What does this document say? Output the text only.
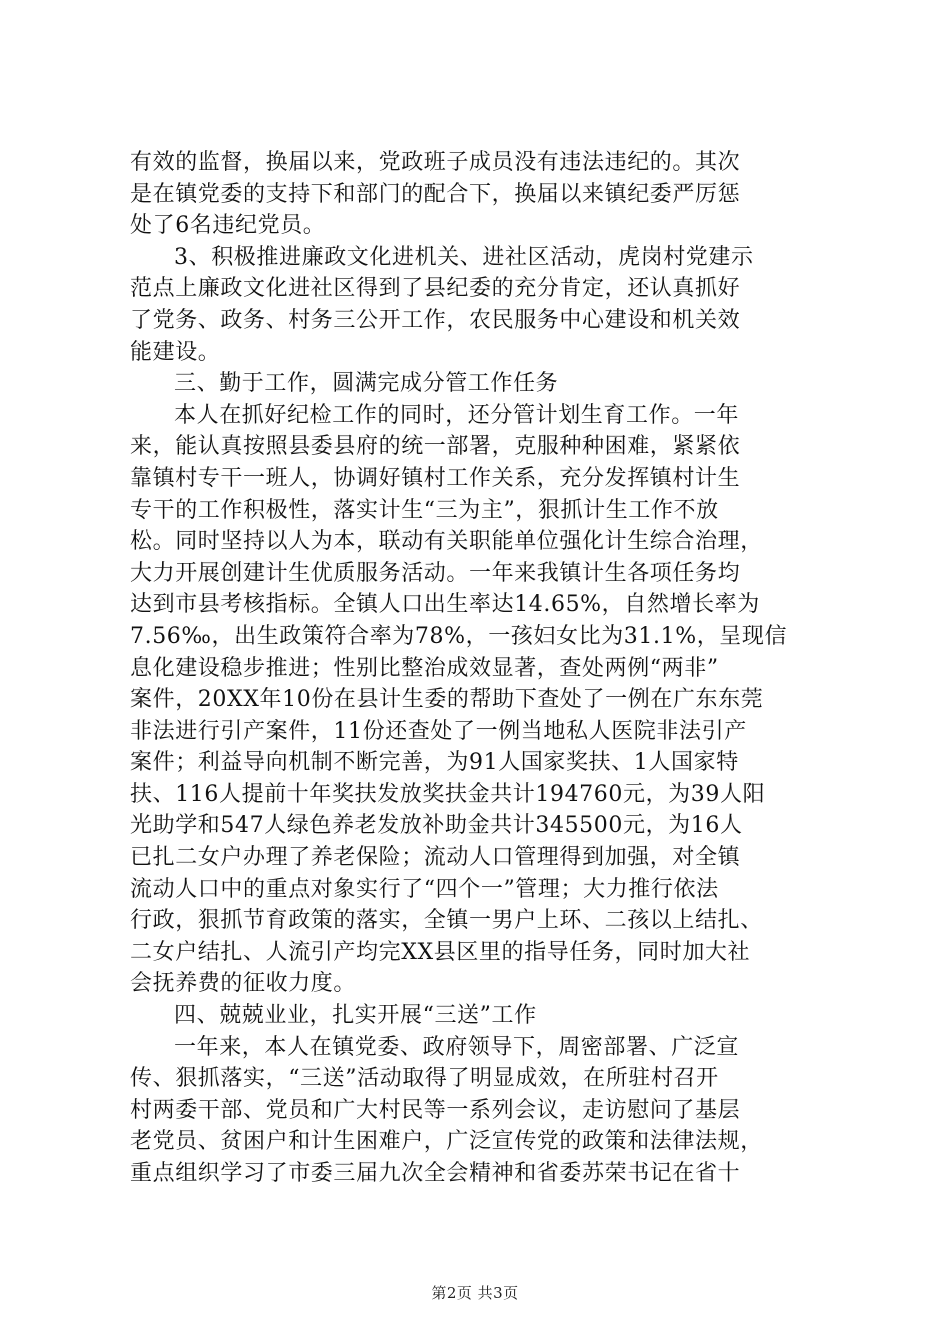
有效的监督，换届以来，党政班子成员没有违法违纪的。其次
是在镇党委的支持下和部门的配合下，换届以来镇纪委严厉惩
处了6名违纪党员。
3、积极推进廉政文化进机关、进社区活动，虎岗村党建示
范点上廉政文化进社区得到了县纪委的充分肯定，还认真抓好
了党务、政务、村务三公开工作，农民服务中心建设和机关效
能建设。
三、勤于工作，圆满完成分管工作任务
本人在抓好纪检工作的同时，还分管计划生育工作。一年
来，能认真按照县委县府的统一部署，克服种种困难，紧紧依
靠镇村专干一班人，协调好镇村工作关系，充分发挥镇村计生
专干的工作积极性，落实计生“三为主”，狠抓计生工作不放
松。同时坚持以人为本，联动有关职能单位强化计生综合治理，
大力开展创建计生优质服务活动。一年来我镇计生各项任务均
达到市县考核指标。全镇人口出生率达14.65%，自然增长率为
7.56‰，出生政策符合率为78%，一孩妇女比为31.1%，呈现信
息化建设稳步推进；性别比整治成效显著，查处两例“两非”
案件，20XX年10份在县计生委的帮助下查处了一例在广东东莞
非法进行引产案件，11份还查处了一例当地私人医院非法引产
案件；利益导向机制不断完善，为91人国家奖扶、1人国家特
扶、116人提前十年奖扶发放奖扶金共计194760元，为39人阳
光助学和547人绿色养老发放补助金共计345500元，为16人
已扎二女户办理了养老保险；流动人口管理得到加强，对全镇
流动人口中的重点对象实行了“四个一”管理；大力推行依法
行政，狠抓节育政策的落实，全镇一男户上环、二孩以上结扎、
二女户结扎、人流引产均完XX县区里的指导任务，同时加大社
会抚养费的征收力度。
四、兢兢业业，扎实开展“三送”工作
一年来，本人在镇党委、政府领导下，周密部署、广泛宣
传、狠抓落实，“三送”活动取得了明显成效，在所驻村召开
村两委干部、党员和广大村民等一系列会议，走访慰问了基层
老党员、贫困户和计生困难户，广泛宣传党的政策和法律法规，
重点组织学习了市委三届九次全会精神和省委苏荣书记在省十
第2页 共3页
